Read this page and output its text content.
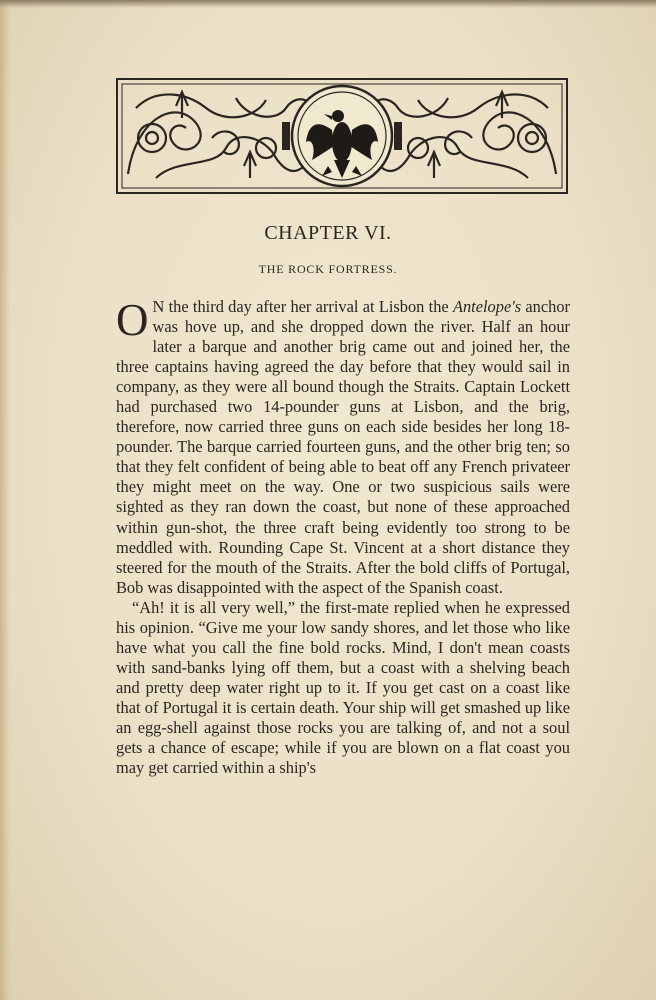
CHAPTER VI.
THE ROCK FORTRESS.

O N the third day after her arrival at Lisbon the Antelope's anchor was hove up, and she dropped down the river. Half an hour later a barque and another brig came out and joined her, the three captains having agreed the day before that they would sail in company, as they were all bound though the Straits. Captain Lockett had purchased two 14-pounder guns at Lisbon, and the brig, therefore, now carried three guns on each side besides her long 18-pounder. The barque carried fourteen guns, and the other brig ten; so that they felt confident of being able to beat off any French privateer they might meet on the way. One or two suspicious sails were sighted as they ran down the coast, but none of these approached within gun-shot, the three craft being evidently too strong to be meddled with. Rounding Cape St. Vincent at a short distance they steered for the mouth of the Straits. After the bold cliffs of Portugal, Bob was disappointed with the aspect of the Spanish coast.

“Ah! it is all very well,” the first-mate replied when he expressed his opinion. “Give me your low sandy shores, and let those who like have what you call the fine bold rocks. Mind, I don't mean coasts with sand-banks lying off them, but a coast with a shelving beach and pretty deep water right up to it. If you get cast on a coast like that of Portugal it is certain death. Your ship will get smashed up like an egg-shell against those rocks you are talking of, and not a soul gets a chance of escape; while if you are blown on a flat coast you may get carried within a ship's
